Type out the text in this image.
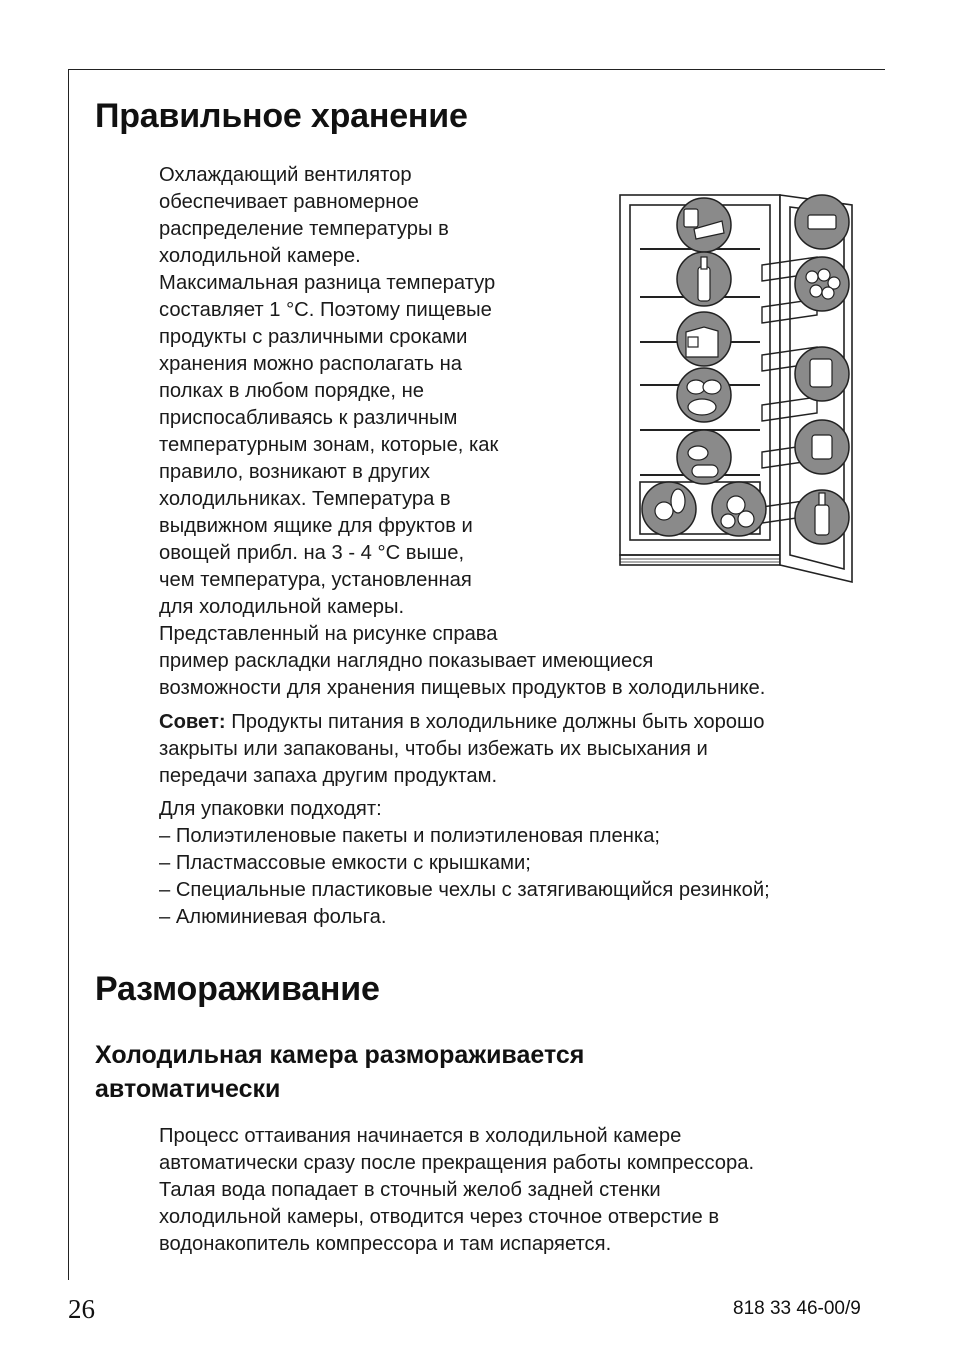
Правильное хранение
Охлаждающий вентилятор
обеспечивает равномерное
распределение температуры в
холодильной камере.
Максимальная разница температур
составляет 1 °C. Поэтому пищевые
продукты с различными сроками
хранения можно располагать на
полках в любом порядке, не
приспосабливаясь к различным
температурным зонам, которые, как
правило, возникают в других
холодильниках. Температура в
выдвижном ящике для фруктов и
овощей прибл. на 3 - 4 °C выше,
чем температура, установленная
для холодильной камеры.
Представленный на рисунке справа
пример раскладки наглядно показывает имеющиеся
возможности для хранения пищевых продуктов в холодильнике.
Совет: Продукты питания в холодильнике должны быть хорошо
закрыты или запакованы, чтобы избежать их высыхания и
передачи запаха другим продуктам.
Для упаковки подходят:
– Полиэтиленовые пакеты и полиэтиленовая пленка;
– Пластмассовые емкости с крышками;
– Специальные пластиковые чехлы с затягивающийся резинкой;
– Алюминиевая фольга.
Размораживание
Холодильная камера размораживается
автоматически
Процесс оттаивания начинается в холодильной камере
автоматически сразу после прекращения работы компрессора.
Талая вода попадает в сточный желоб задней стенки
холодильной камеры, отводится через сточное отверстие в
водонакопитель компрессора и там испаряется.
26	818 33 46-00/9
